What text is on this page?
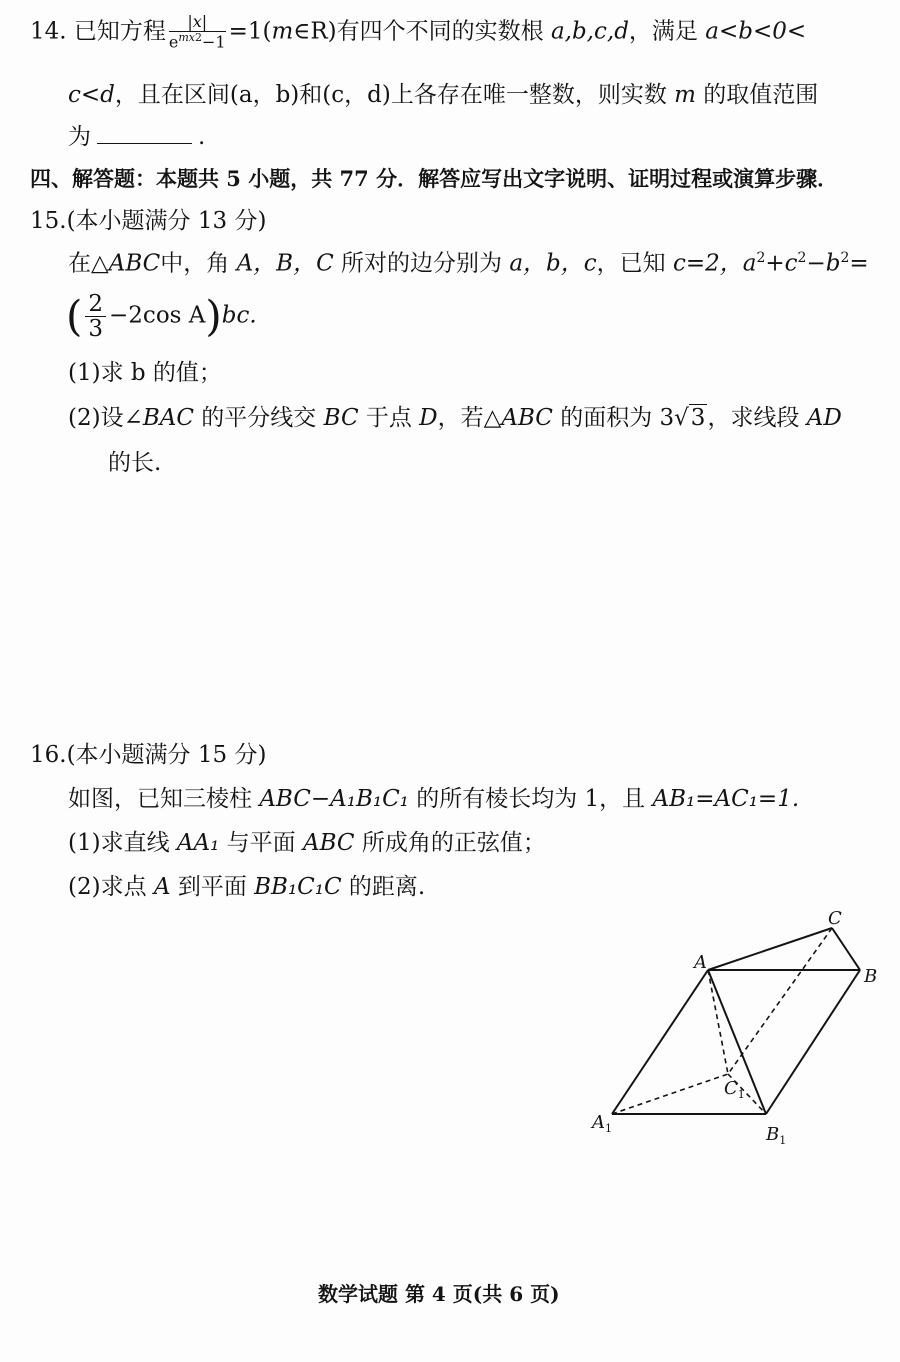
14. 已知方程 $\frac{|x|}{e^{mx2}-1}$ =1(m∈R)有四个不同的实数根 a,b,c,d，满足 a<b<0<
c<d，且在区间(a，b)和(c，d)上各存在唯一整数，则实数 m 的取值范围
为	.
四、解答题：本题共 5 小题，共 77 分．解答应写出文字说明、证明过程或演算步骤．
15.(本小题满分 13 分)
在△ABC中，角 A，B，C 所对的边分别为 a，b，c，已知 c=2，$a^2+c^2-b^2=$
( $\frac{2}{3} -2\cos$ A)bc.
(1)求 b 的值；
(2)设∠BAC 的平分线交 BC 于点 D，若△ABC 的面积为 3√3，求线段 AD
的长.
16.(本小题满分 15 分)
如图，已知三棱柱 ABC−A₁B₁C₁ 的所有棱长均为 1，且 AB₁=AC₁=1.
(1)求直线 AA₁ 与平面 ABC 所成角的正弦值；
(2)求点 A 到平面 BB₁C₁C 的距离.
A
B
C
$A_1$	$B_1$
$C_1$
数学试题 第 4 页(共 6 页)
